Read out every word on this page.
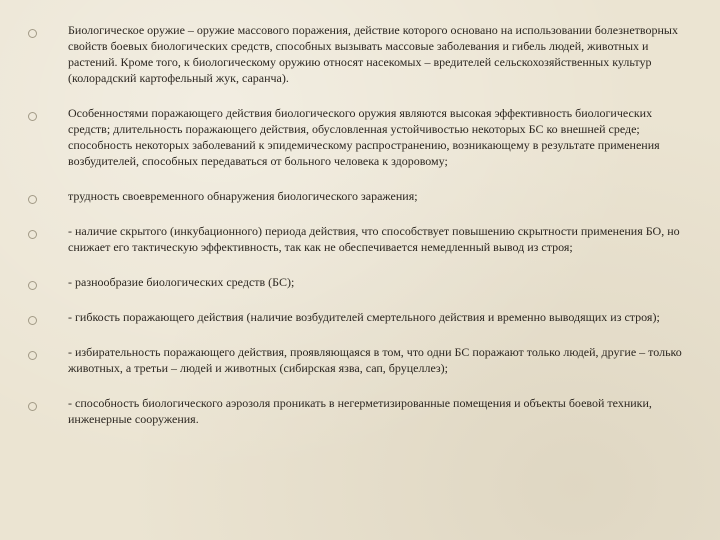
Биологическое оружие – оружие массового поражения, действие которого основано на использовании болезнетворных свойств боевых биологических средств, способных вызывать массовые заболевания и гибель людей, животных и растений. Кроме того, к биологическому оружию относят насекомых – вредителей сельскохозяйственных культур (колорадский картофельный жук, саранча).
Особенностями поражающего действия биологического оружия являются высокая эффективность биологических средств; длительность поражающего действия, обусловленная устойчивостью некоторых БС ко внешней среде; способность некоторых заболеваний к эпидемическому распространению, возникающему в результате применения возбудителей, способных передаваться от больного человека к здоровому;
трудность своевременного обнаружения биологического заражения;
- наличие скрытого (инкубационного) периода действия, что способствует повышению скрытности применения БО, но снижает его тактическую эффективность, так как не обеспечивается немедленный вывод из строя;
- разнообразие биологических средств (БС);
- гибкость поражающего действия (наличие возбудителей смертельного действия и временно выводящих из строя);
- избирательность поражающего действия, проявляющаяся в том, что одни БС поражают только людей, другие – только животных, а третьи – людей и животных (сибирская язва, сап, бруцеллез);
- способность биологического аэрозоля проникать в негерметизированные помещения и объекты боевой техники, инженерные сооружения.
